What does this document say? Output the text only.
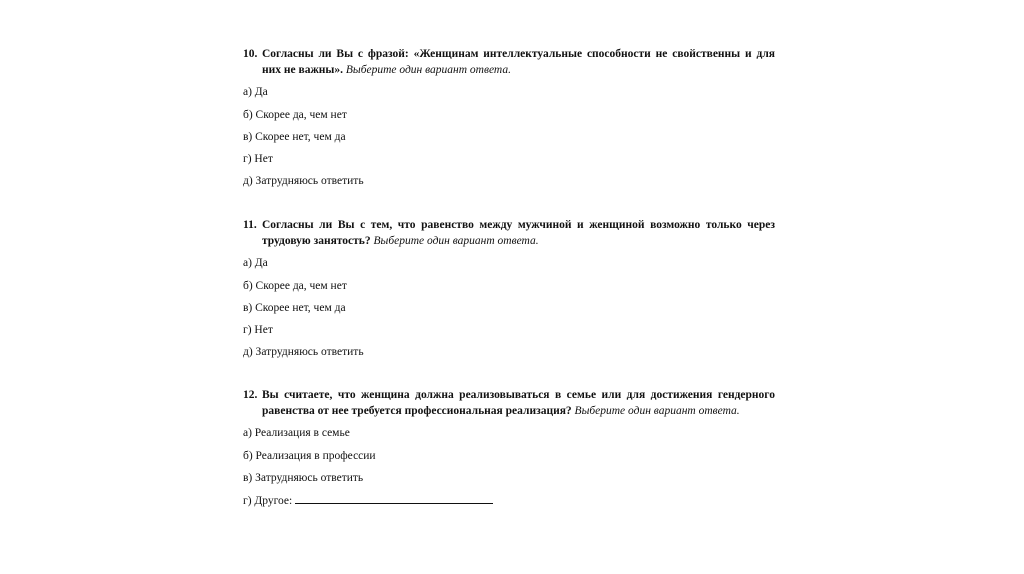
10. Согласны ли Вы с фразой: «Женщинам интеллектуальные способности не свойственны и для них не важны». Выберите один вариант ответа.
а) Да
б) Скорее да, чем нет
в) Скорее нет, чем да
г) Нет
д) Затрудняюсь ответить
11. Согласны ли Вы с тем, что равенство между мужчиной и женщиной возможно только через трудовую занятость? Выберите один вариант ответа.
а) Да
б) Скорее да, чем нет
в) Скорее нет, чем да
г) Нет
д) Затрудняюсь ответить
12. Вы считаете, что женщина должна реализовываться в семье или для достижения гендерного равенства от нее требуется профессиональная реализация? Выберите один вариант ответа.
а) Реализация в семье
б) Реализация в профессии
в) Затрудняюсь ответить
г) Другое:
